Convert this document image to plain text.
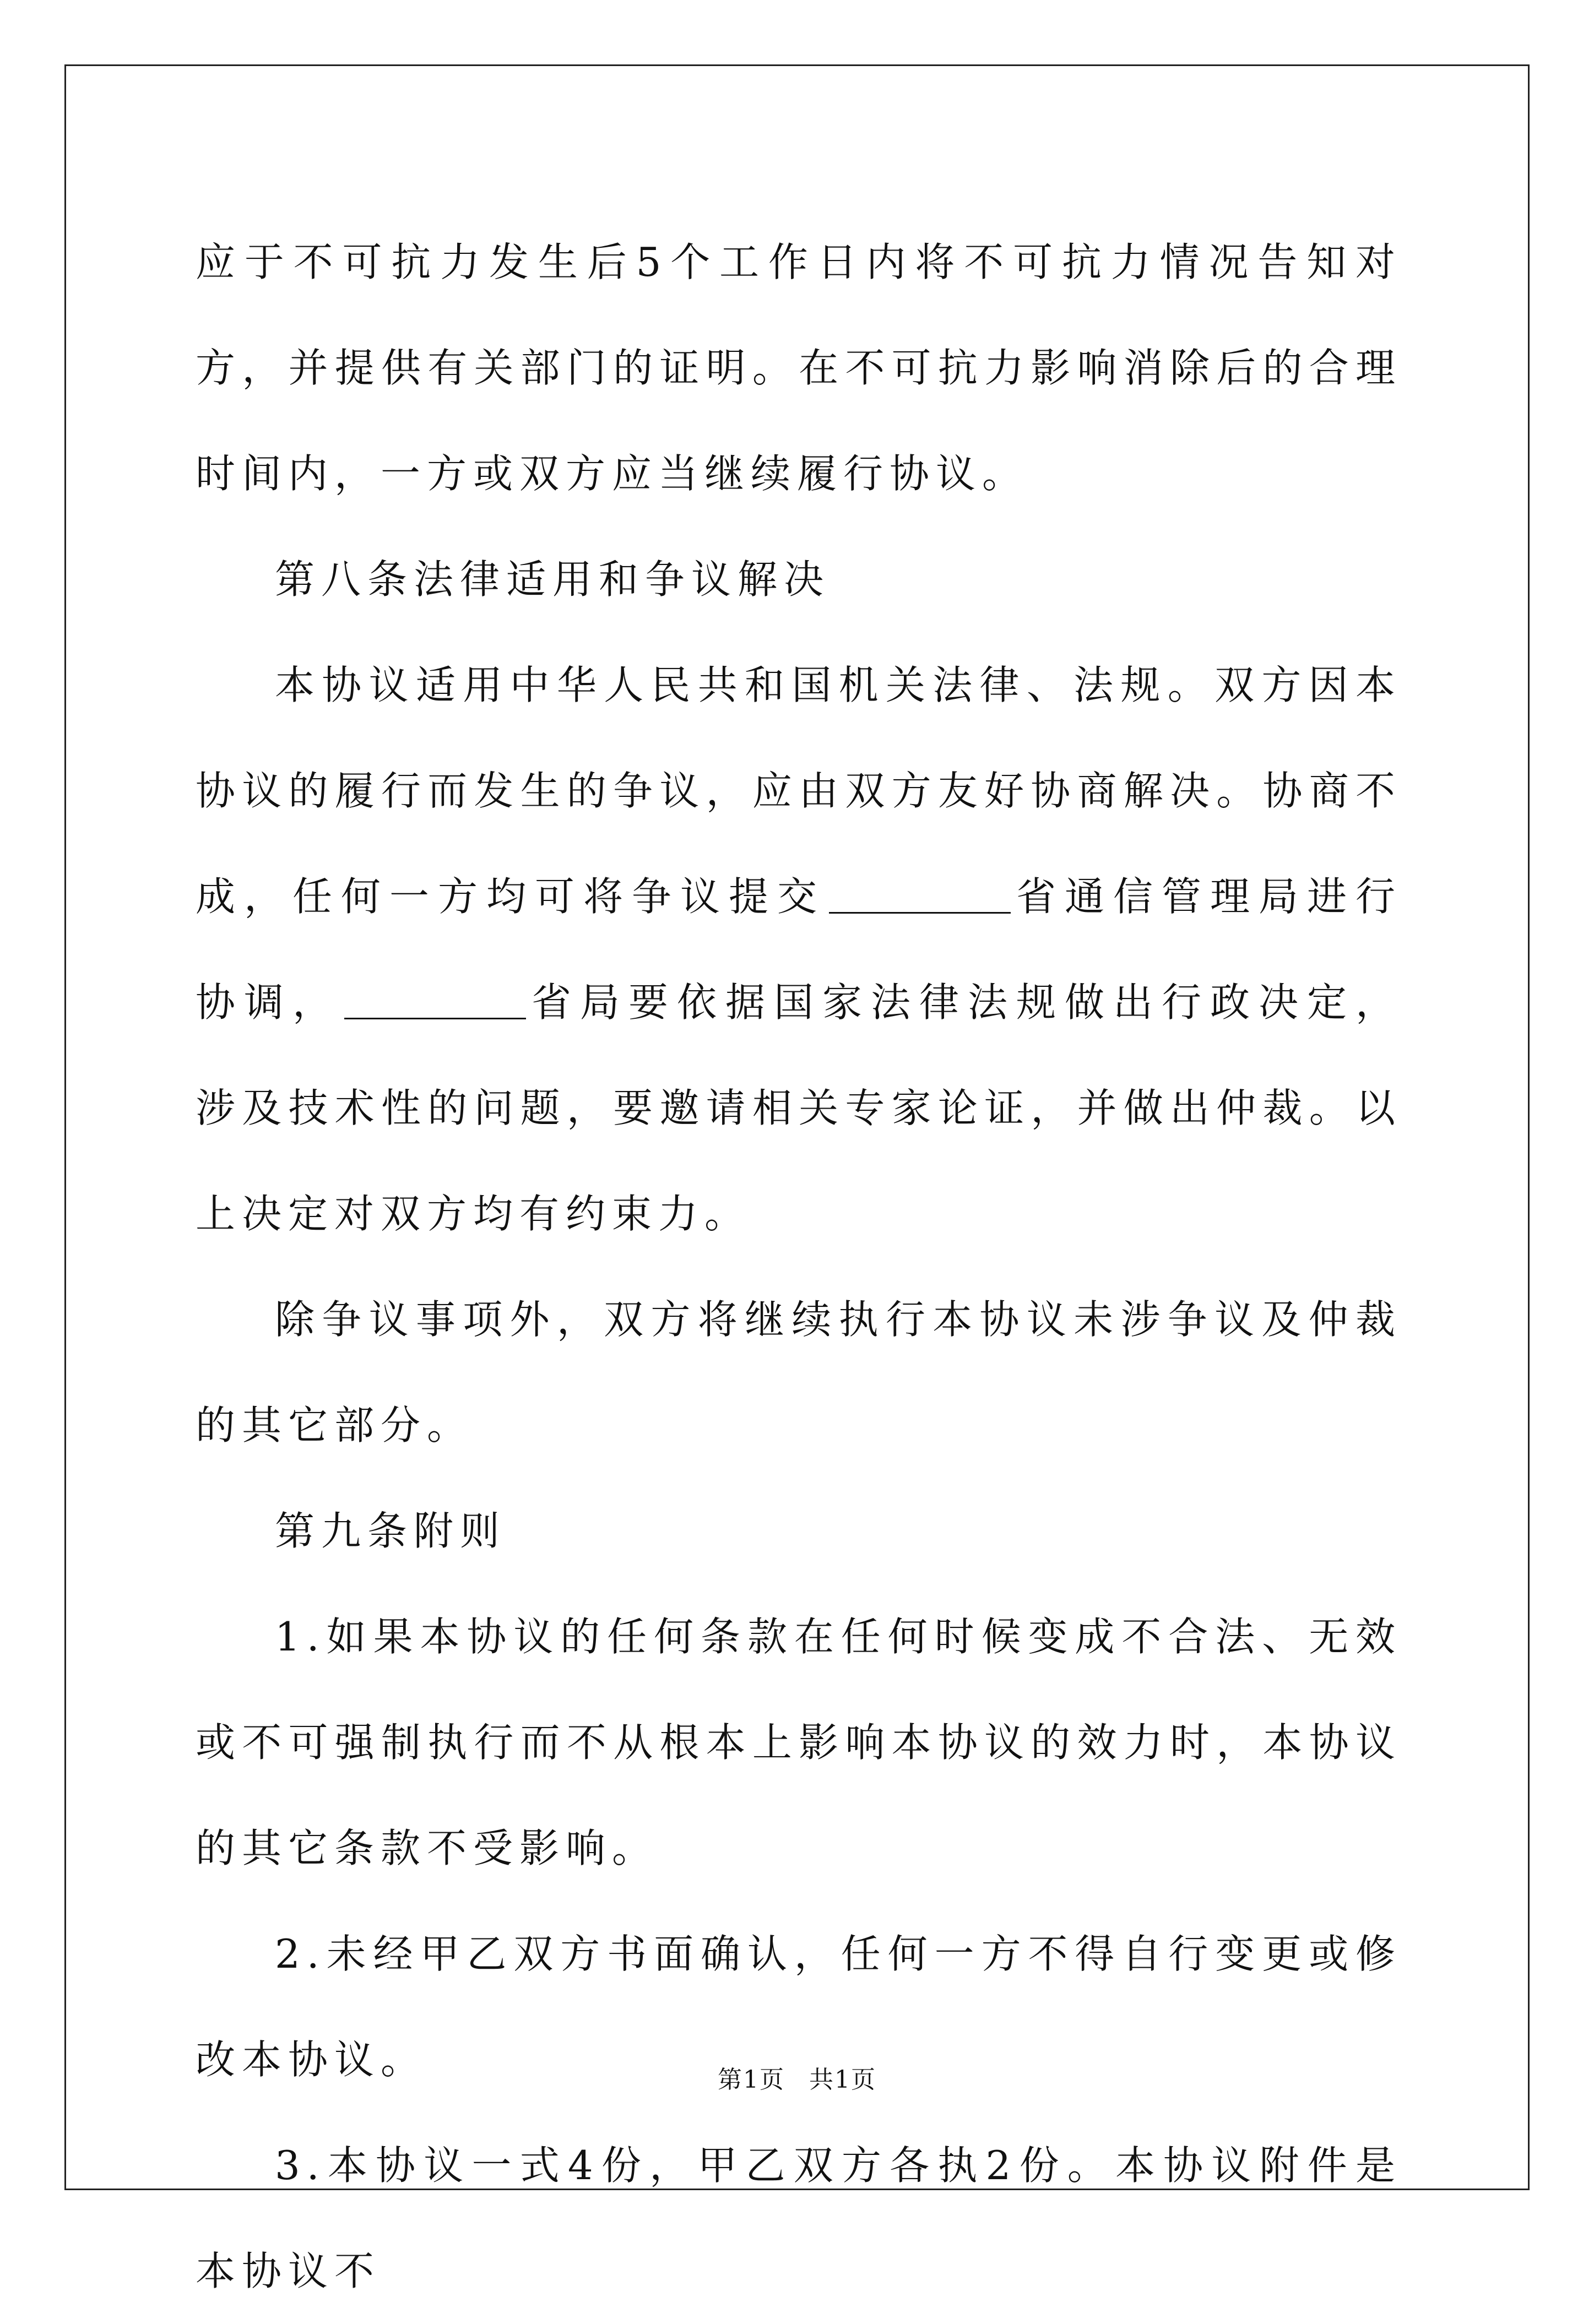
应于不可抗力发生后5个工作日内将不可抗力情况告知对方，并提供有关部门的证明。在不可抗力影响消除后的合理时间内，一方或双方应当继续履行协议。

第八条法律适用和争议解决

本协议适用中华人民共和国机关法律、法规。双方因本协议的履行而发生的争议，应由双方友好协商解决。协商不成，任何一方均可将争议提交	省通信管理局进行协调，	省局要依据国家法律法规做出行政决定，涉及技术性的问题，要邀请相关专家论证，并做出仲裁。以上决定对双方均有约束力。

除争议事项外，双方将继续执行本协议未涉争议及仲裁的其它部分。

第九条附则

1.如果本协议的任何条款在任何时候变成不合法、无效或不可强制执行而不从根本上影响本协议的效力时，本协议的其它条款不受影响。

2.未经甲乙双方书面确认，任何一方不得自行变更或修改本协议。

3.本协议一式4份，甲乙双方各执2份。本协议附件是本协议不

第1页 共1页
